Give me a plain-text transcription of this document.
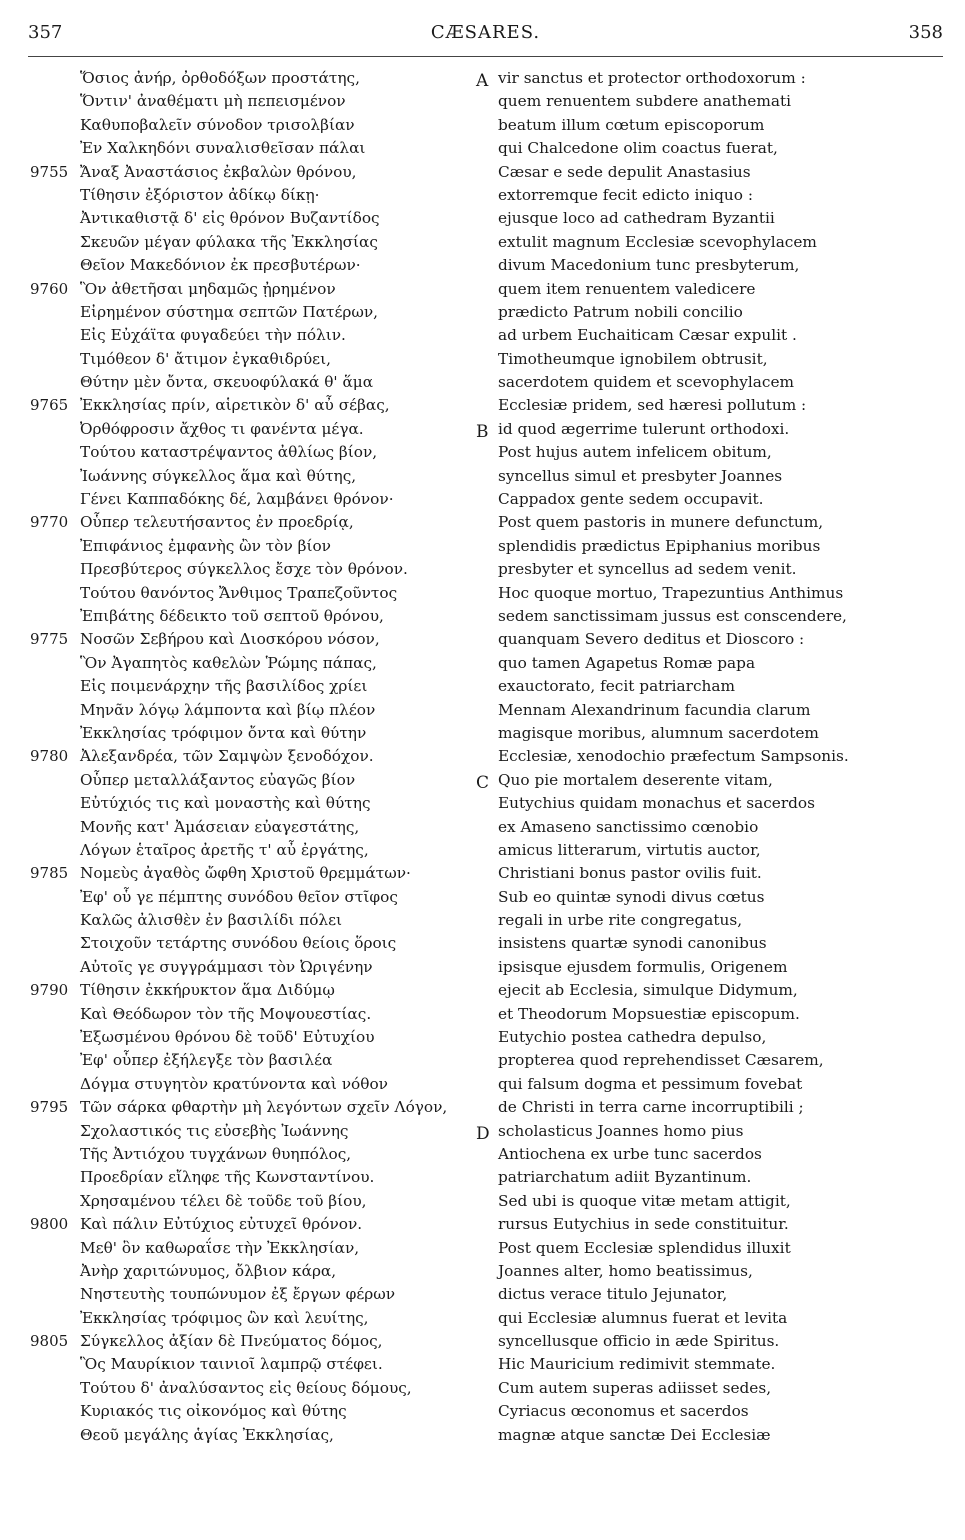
357	CÆSARES.	358
Ὅσιος ἀνήρ, ὀρθοδόξων προστάτης,
Ὅντιν' ἀναθέματι μὴ πεπεισμένον
Καθυποβαλεῖν σύνοδον τρισολβίαν
Ἐν Χαλκηδόνι συναλισθεῖσαν πάλαι
9755 Ἄναξ Ἀναστάσιος ἐκβαλὼν θρόνου,
Τίθησιν ἐξόριστον ἀδίκῳ δίκῃ·
Ἀντικαθιστᾷ δ' εἰς θρόνον Βυζαντίδος
Σκευῶν μέγαν φύλακα τῆς Ἐκκλησίας
Θεῖον Μακεδόνιον ἐκ πρεσβυτέρων·
9760 Ὃν ἀθετῆσαι μηδαμῶς ᾐρημένον
Εἰρημένον σύστημα σεπτῶν Πατέρων,
Εἰς Εὐχάϊτα φυγαδεύει τὴν πόλιν.
Τιμόθεον δ' ἄτιμον ἐγκαθιδρύει,
Θύτην μὲν ὄντα, σκευοφύλακά θ' ἅμα
9765 Ἐκκλησίας πρίν, αἱρετικὸν δ' αὖ σέβας,
Ὀρθόφροσιν ἄχθος τι φανέντα μέγα.
Τούτου καταστρέψαντος ἀθλίως βίον,
Ἰωάννης σύγκελλος ἅμα καὶ θύτης,
Γένει Καππαδόκης δέ, λαμβάνει θρόνον·
9770 Οὗπερ τελευτήσαντος ἐν προεδρίᾳ,
Ἐπιφάνιος ἐμφανὴς ὢν τὸν βίον
Πρεσβύτερος σύγκελλος ἔσχε τὸν θρόνον.
Τούτου θανόντος Ἄνθιμος Τραπεζοῦντος
Ἐπιβάτης δέδεικτο τοῦ σεπτοῦ θρόνου,
9775 Νοσῶν Σεβήρου καὶ Διοσκόρου νόσον,
Ὃν Ἀγαπητὸς καθελὼν Ῥώμης πάπας,
Εἰς ποιμενάρχην τῆς βασιλίδος χρίει
Μηνᾶν λόγῳ λάμποντα καὶ βίῳ πλέον
Ἐκκλησίας τρόφιμον ὄντα καὶ θύτην
9780 Ἀλεξανδρέα, τῶν Σαμψὼν ξενοδόχον.
Οὗπερ μεταλλάξαντος εὐαγῶς βίον
Εὐτύχιός τις καὶ μοναστὴς καὶ θύτης
Μονῆς κατ' Ἀμάσειαν εὐαγεστάτης,
Λόγων ἑταῖρος ἀρετῆς τ' αὖ ἐργάτης,
9785 Νομεὺς ἀγαθὸς ὤφθη Χριστοῦ θρεμμάτων·
Ἐφ' οὗ γε πέμπτης συνόδου θεῖον στῖφος
Καλῶς ἀλισθὲν ἐν βασιλίδι πόλει
Στοιχοῦν τετάρτης συνόδου θείοις ὅροις
Αὐτοῖς γε συγγράμμασι τὸν Ὠριγένην
9790 Τίθησιν ἐκκήρυκτον ἅμα Διδύμῳ
Καὶ Θεόδωρον τὸν τῆς Μοψουεστίας.
Ἐξωσμένου θρόνου δὲ τοῦδ' Εὐτυχίου
Ἐφ' οὗπερ ἐξήλεγξε τὸν βασιλέα
Δόγμα στυγητὸν κρατύνοντα καὶ νόθον
9795 Τῶν σάρκα φθαρτὴν μὴ λεγόντων σχεῖν Λόγον,
Σχολαστικός τις εὐσεβὴς Ἰωάννης
Τῆς Ἀντιόχου τυγχάνων θυηπόλος,
Προεδρίαν εἴληφε τῆς Κωνσταντίνου.
Χρησαμένου τέλει δὲ τοῦδε τοῦ βίου,
9800 Καὶ πάλιν Εὐτύχιος εὐτυχεῖ θρόνον.
Μεθ' ὃν καθωραΐσε τὴν Ἐκκλησίαν,
Ἀνὴρ χαριτώνυμος, ὄλβιον κάρα,
Νηστευτὴς τουπώνυμον ἐξ ἔργων φέρων
Ἐκκλησίας τρόφιμος ὢν καὶ λευίτης,
9805 Σύγκελλος ἀξίαν δὲ Πνεύματος δόμος,
Ὃς Μαυρίκιον ταινιοῖ λαμπρῷ στέφει.
Τούτου δ' ἀναλύσαντος εἰς θείους δόμους,
Κυριακός τις οἰκονόμος καὶ θύτης
Θεοῦ μεγάλης ἁγίας Ἐκκλησίας,
A vir sanctus et protector orthodoxorum :
quem renuentem subdere anathemati
beatum illum cœtum episcoporum
qui Chalcedone olim coactus fuerat,
Cæsar e sede depulit Anastasius
extorremque fecit edicto iniquo :
ejusque loco ad cathedram Byzantii
extulit magnum Ecclesiæ scevophylacem
divum Macedonium tunc presbyterum,
quem item renuentem valedicere
prædicto Patrum nobili concilio
ad urbem Euchaiticam Cæsar expulit .
Timotheumque ignobilem obtrusit,
sacerdotem quidem et scevophylacem
Ecclesiæ pridem, sed hæresi pollutum :
B id quod ægerrime tulerunt orthodoxi.
Post hujus autem infelicem obitum,
syncellus simul et presbyter Joannes
Cappadox gente sedem occupavit.
Post quem pastoris in munere defunctum,
splendidis prædictus Epiphanius moribus
presbyter et syncellus ad sedem venit.
Hoc quoque mortuo, Trapezuntius Anthimus
sedem sanctissimam jussus est conscendere,
quanquam Severo deditus et Dioscoro :
quo tamen Agapetus Romæ papa
exauctorato, fecit patriarcham
Mennam Alexandrinum facundia clarum
magisque moribus, alumnum sacerdotem
Ecclesiæ, xenodochio præfectum Sampsonis.
C Quo pie mortalem deserente vitam,
Eutychius quidam monachus et sacerdos
ex Amaseno sanctissimo cœnobio
amicus litterarum, virtutis auctor,
Christiani bonus pastor ovilis fuit.
Sub eo quintæ synodi divus cœtus
regali in urbe rite congregatus,
insistens quartæ synodi canonibus
ipsisque ejusdem formulis, Origenem
ejecit ab Ecclesia, simulque Didymum,
et Theodorum Mopsuestiæ episcopum.
Eutychio postea cathedra depulso,
propterea quod reprehendisset Cæsarem,
qui falsum dogma et pessimum fovebat
de Christi in terra carne incorruptibili ;
D scholasticus Joannes homo pius
Antiochena ex urbe tunc sacerdos
patriarchatum adiit Byzantinum.
Sed ubi is quoque vitæ metam attigit,
rursus Eutychius in sede constituitur.
Post quem Ecclesiæ splendidus illuxit
Joannes alter, homo beatissimus,
dictus verace titulo Jejunator,
qui Ecclesiæ alumnus fuerat et levita
syncellusque officio in æde Spiritus.
Hic Mauricium redimivit stemmate.
Cum autem superas adiisset sedes,
Cyriacus œconomus et sacerdos
magnæ atque sanctæ Dei Ecclesiæ
